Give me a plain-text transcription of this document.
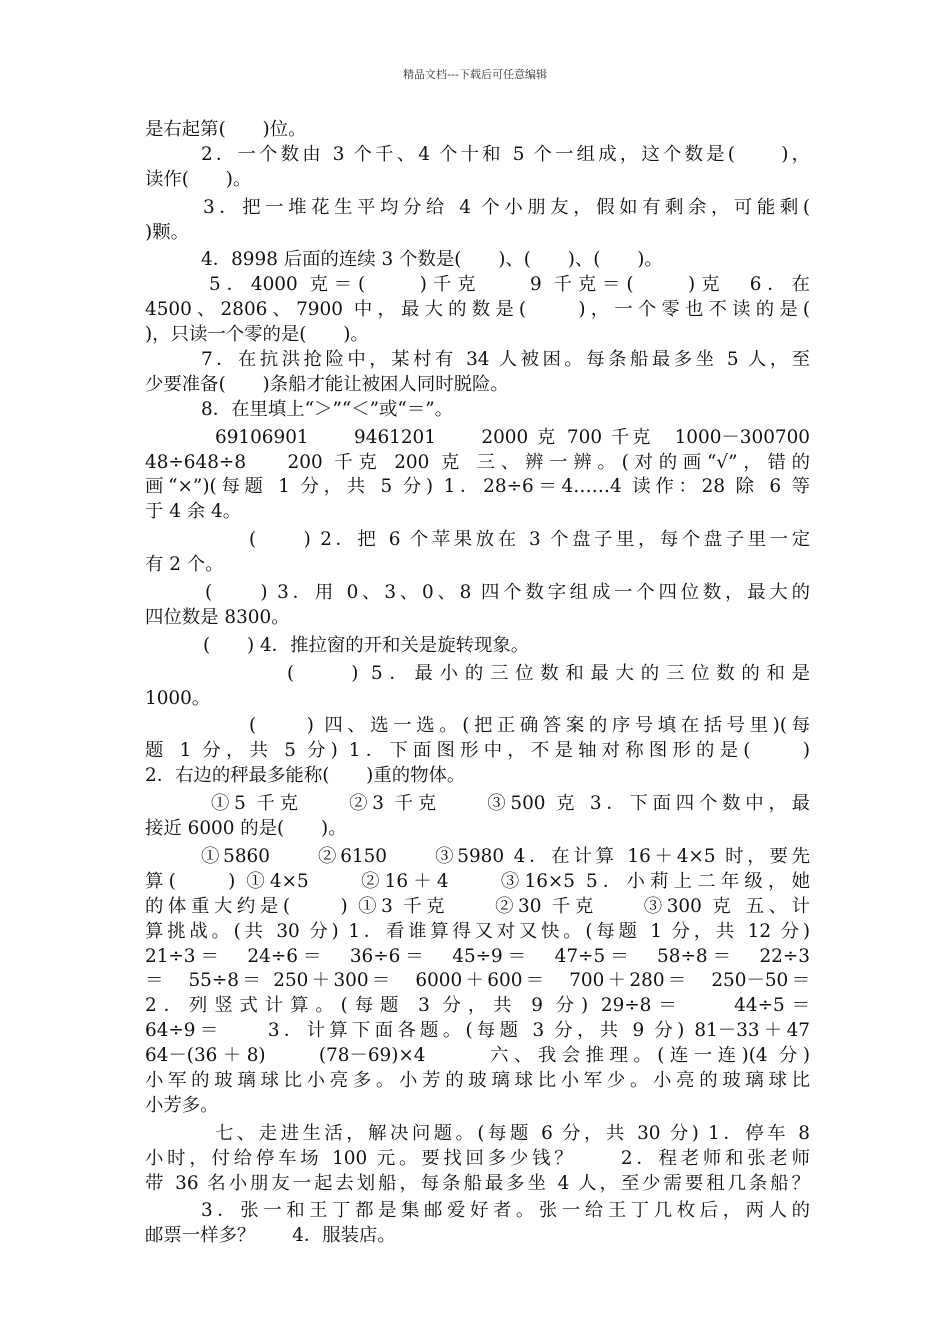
精品文档---下载后可任意编辑
是右起第(　　)位。
2．一个数由 3 个千、4 个十和 5 个一组成，这个数是(　　)，
读作(　　)。
3．把一堆花生平均分给 4 个小朋友，假如有剩余，可能剩(
)颗。
4．8998 后面的连续 3 个数是(　　)、(　　)、(　　)。
5．4000 克＝(　　)千克　　9 千克＝(　　)克　6．在
4500、2806、7900 中，最大的数是(　　)，一个零也不读的是(
)，只读一个零的是(　　)。
7．在抗洪抢险中，某村有 34 人被困。每条船最多坐 5 人，至
少要准备(　　)条船才能让被困人同时脱险。
8．在里填上“＞”“＜”或“＝”。
69106901　　9461201　　2000 克 700 千克　1000－300700
48÷648÷8　 200 千克 200 克 三、辨一辨。(对的画“√”，错的
画“×”)(每题 1 分，共 5 分) 1．28÷6＝4……4 读作：28 除 6 等
于 4 余 4。
(　　) 2．把 6 个苹果放在 3 个盘子里，每个盘子里一定
有 2 个。
(　　) 3．用 0、3、0、8 四个数字组成一个四位数，最大的
四位数是 8300。
(　　) 4．推拉窗的开和关是旋转现象。
(　　) 5．最小的三位数和最大的三位数的和是
1000。
(　　) 四、选一选。(把正确答案的序号填在括号里)(每
题 1 分，共 5 分) 1．下面图形中，不是轴对称图形的是(　　)
2．右边的秤最多能称(　　)重的物体。
①5 千克　　②3 千克　　③500 克 3．下面四个数中，最
接近 6000 的是(　　)。
①5860　　②6150　　③5980 4．在计算 16＋4×5 时，要先
算(　　) ①4×5　　②16＋4　　③16×5 5．小莉上二年级，她
的体重大约是(　　) ①3 千克　　②30 千克　　③300 克 五、计
算挑战。(共 30 分) 1．看谁算得又对又快。(每题 1 分，共 12 分)
21÷3＝　24÷6＝　36÷6＝　45÷9＝　47÷5＝　58÷8＝　22÷3
＝　55÷8＝ 250＋300＝　6000＋600＝　700＋280＝　250－50＝
2．列竖式计算。(每题 3 分，共 9 分) 29÷8＝　　44÷5＝
64÷9＝　　3．计算下面各题。(每题 3 分，共 9 分) 81－33＋47
64－(36＋8)　　(78－69)×4　　 六、我会推理。(连一连)(4 分)
小军的玻璃球比小亮多。小芳的玻璃球比小军少。小亮的玻璃球比
小芳多。
七、走进生活，解决问题。(每题 6 分，共 30 分) 1．停车 8
小时，付给停车场 100 元。要找回多少钱？　　2．程老师和张老师
带 36 名小朋友一起去划船，每条船最多坐 4 人，至少需要租几条船？
3．张一和王丁都是集邮爱好者。张一给王丁几枚后，两人的
邮票一样多？　　4．服装店。
